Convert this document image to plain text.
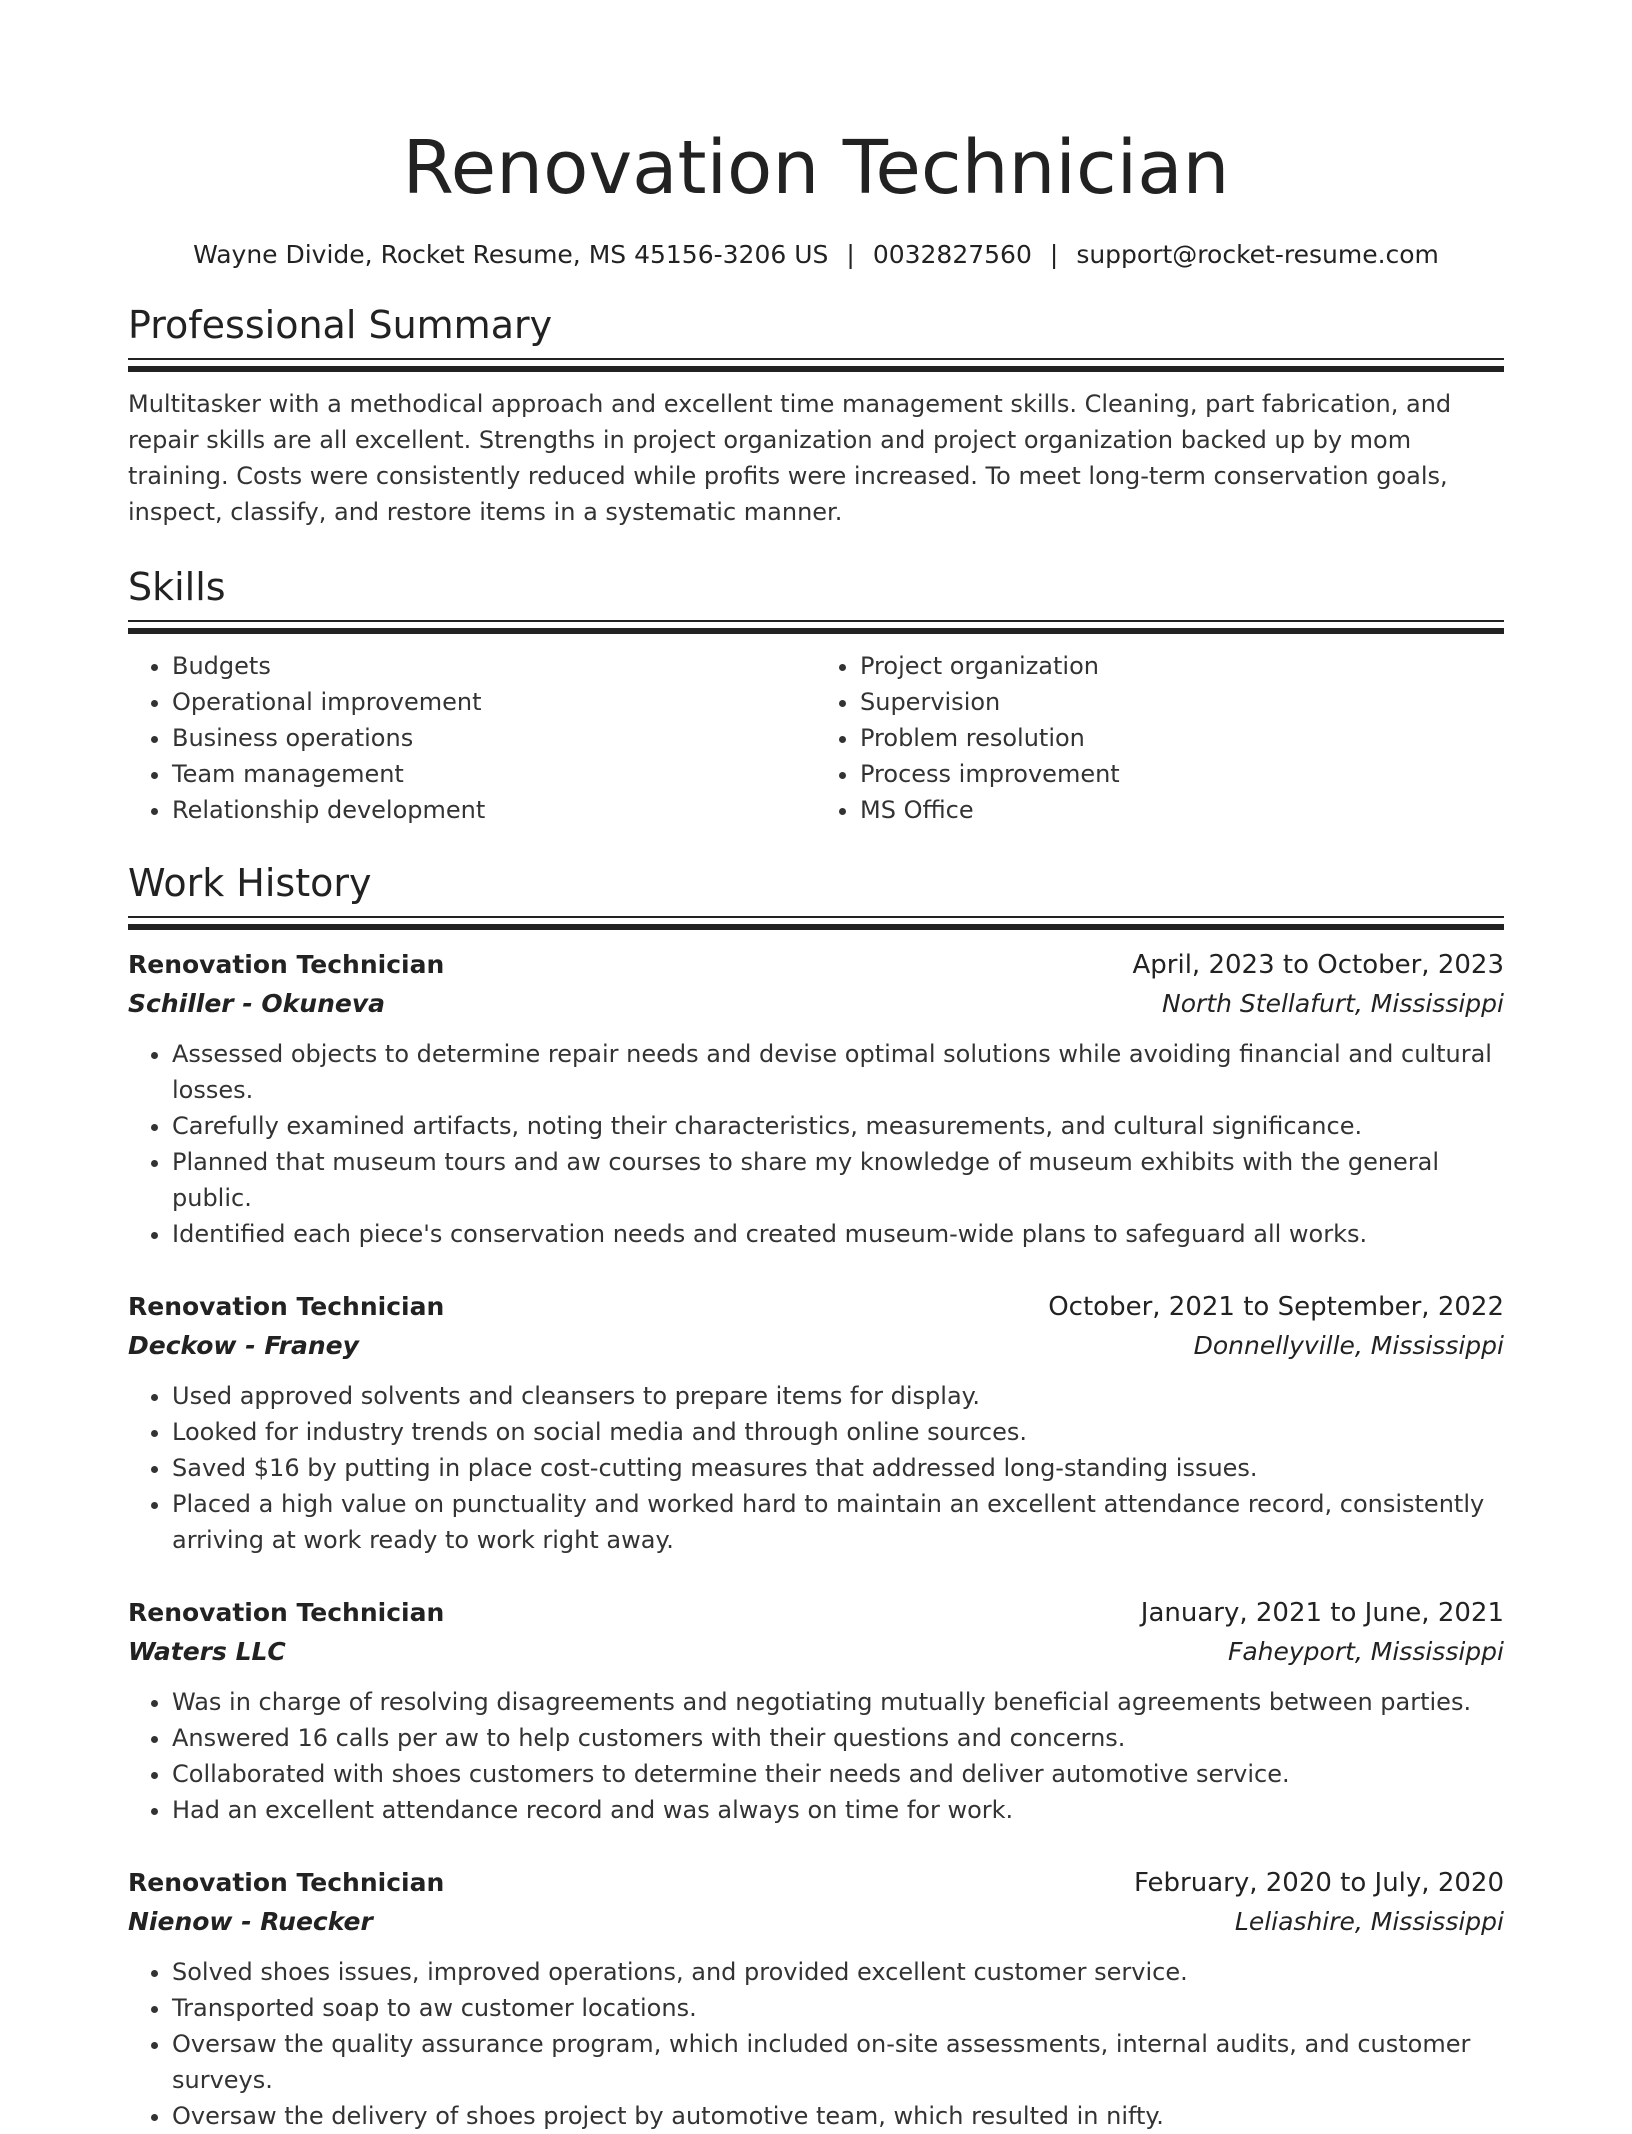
Renovation Technician
Wayne Divide, Rocket Resume, MS 45156-3206 US | 0032827560 | support@rocket-resume.com
Professional Summary

Multitasker with a methodical approach and excellent time management skills. Cleaning, part fabrication, and repair skills are all excellent. Strengths in project organization and project organization backed up by mom training. Costs were consistently reduced while profits were increased. To meet long-term conservation goals, inspect, classify, and restore items in a systematic manner.

Skills
• Budgets
• Operational improvement
• Business operations
• Team management
• Relationship development
• Project organization
• Supervision
• Problem resolution
• Process improvement
• MS Office
Work History
Renovation Technician	April, 2023 to October, 2023
Schiller - Okuneva	North Stellafurt, Mississippi
• Assessed objects to determine repair needs and devise optimal solutions while avoiding financial and cultural losses.
• Carefully examined artifacts, noting their characteristics, measurements, and cultural significance.
• Planned that museum tours and aw courses to share my knowledge of museum exhibits with the general public.
• Identified each piece's conservation needs and created museum-wide plans to safeguard all works.
Renovation Technician	October, 2021 to September, 2022
Deckow - Franey	Donnellyville, Mississippi
• Used approved solvents and cleansers to prepare items for display.
• Looked for industry trends on social media and through online sources.
• Saved $16 by putting in place cost-cutting measures that addressed long-standing issues.
• Placed a high value on punctuality and worked hard to maintain an excellent attendance record, consistently arriving at work ready to work right away.
Renovation Technician	January, 2021 to June, 2021
Waters LLC	Faheyport, Mississippi
• Was in charge of resolving disagreements and negotiating mutually beneficial agreements between parties.
• Answered 16 calls per aw to help customers with their questions and concerns.
• Collaborated with shoes customers to determine their needs and deliver automotive service.
• Had an excellent attendance record and was always on time for work.
Renovation Technician	February, 2020 to July, 2020
Nienow - Ruecker	Leliashire, Mississippi
• Solved shoes issues, improved operations, and provided excellent customer service.
• Transported soap to aw customer locations.
• Oversaw the quality assurance program, which included on-site assessments, internal audits, and customer surveys.
• Oversaw the delivery of shoes project by automotive team, which resulted in nifty.
